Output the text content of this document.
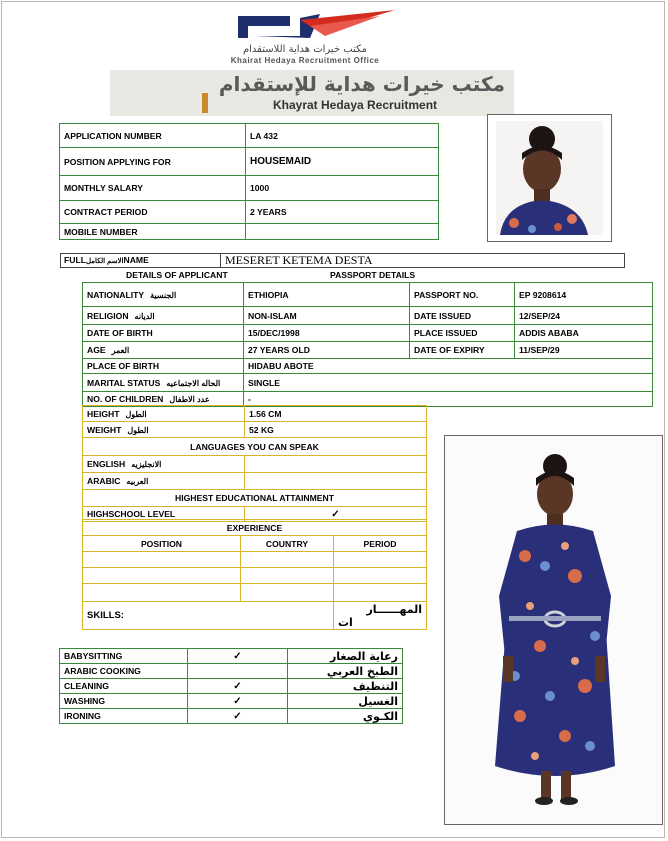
مكتب خيرات هداية اللاستقدام
Khairat Hedaya Recruitment Office
مكتب خيرات هداية للإستقدام
Khayrat Hedaya Recruitment
APPLICATION NUMBER	LA 432
POSITION APPLYING FOR	HOUSEMAID
MONTHLY SALARY	1000
CONTRACT PERIOD	2 YEARS
MOBILE NUMBER	
FULLالاسم الكاملNAME	MESERET KETEMA DESTA
DETAILS OF APPLICANT	PASSPORT DETAILS
NATIONALITY الجنسية	ETHIOPIA	PASSPORT NO.	EP 9208614
RELIGION الديانه	NON-ISLAM	DATE ISSUED	12/SEP/24
DATE OF BIRTH	15/DEC/1998	PLACE ISSUED	ADDIS ABABA
AGE العمر	27 YEARS OLD	DATE OF EXPIRY	11/SEP/29
PLACE OF BIRTH	HIDABU ABOTE		
MARITAL STATUS الحاله الاجتماعيه	SINGLE		
NO. OF CHILDREN عدد الاطفال	-		
HEIGHT الطول	1.56 CM
WEIGHT الطول	52 KG
LANGUAGES YOU CAN SPEAK	
ENGLISH الانجليزيه	
ARABIC العربيه	
HIGHEST EDUCATIONAL ATTAINMENT	
HIGHSCHOOL LEVEL	✓
EXPERIENCE		
POSITION	COUNTRY	PERIOD

SKILLS:		المهــــــار
ات
BABYSITTING	✓	رعاية الصغار
ARABIC COOKING		الطبخ العربي
CLEANING	✓	التنظيف
WASHING	✓	الغسيل
IRONING	✓	الكـوي
